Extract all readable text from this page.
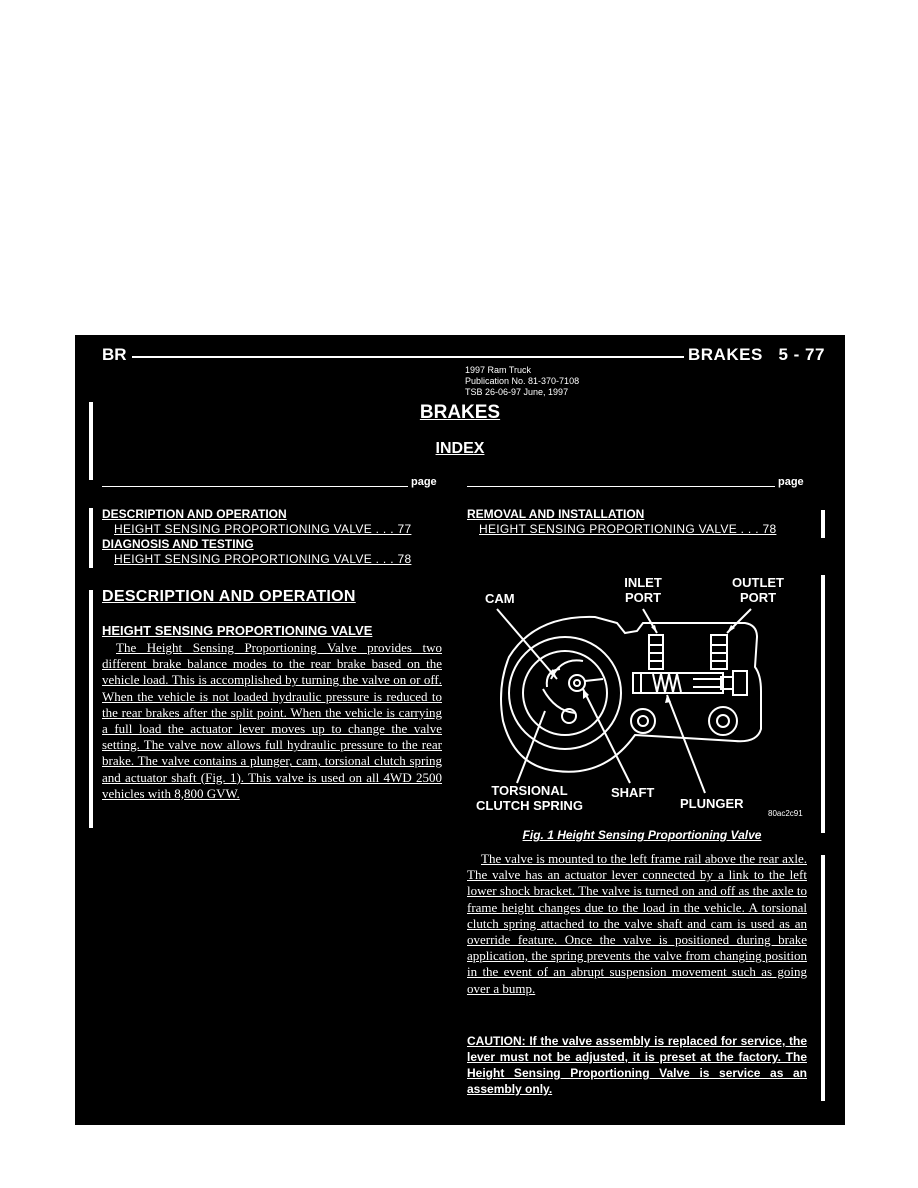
BR	BRAKES 5 - 77
1997 Ram Truck
Publication No. 81-370-7108
TSB 26-06-97 June, 1997
BRAKES
INDEX
page	page
DESCRIPTION AND OPERATION
HEIGHT SENSING PROPORTIONING VALVE . . . 77
DIAGNOSIS AND TESTING
HEIGHT SENSING PROPORTIONING VALVE . . . 78
REMOVAL AND INSTALLATION
HEIGHT SENSING PROPORTIONING VALVE . . . 78
DESCRIPTION AND OPERATION
HEIGHT SENSING PROPORTIONING VALVE
The Height Sensing Proportioning Valve provides two different brake balance modes to the rear brake based on the vehicle load. This is accomplished by turning the valve on or off. When the vehicle is not loaded hydraulic pressure is reduced to the rear brakes after the split point. When the vehicle is carrying a full load the actuator lever moves up to change the valve setting. The valve now allows full hydraulic pressure to the rear brake. The valve contains a plunger, cam, torsional clutch spring and actuator shaft (Fig. 1). This valve is used on all 4WD 2500 vehicles with 8,800 GVW.
CAM
INLET
PORT
OUTLET
PORT
TORSIONAL
CLUTCH SPRING
SHAFT
PLUNGER
80ac2c91
Fig. 1 Height Sensing Proportioning Valve
The valve is mounted to the left frame rail above the rear axle. The valve has an actuator lever connected by a link to the left lower shock bracket. The valve is turned on and off as the axle to frame height changes due to the load in the vehicle. A torsional clutch spring attached to the valve shaft and cam is used as an override feature. Once the valve is positioned during brake application, the spring prevents the valve from changing position in the event of an abrupt suspension movement such as going over a bump.
CAUTION: If the valve assembly is replaced for service, the lever must not be adjusted, it is preset at the factory. The Height Sensing Proportioning Valve is service as an assembly only.
